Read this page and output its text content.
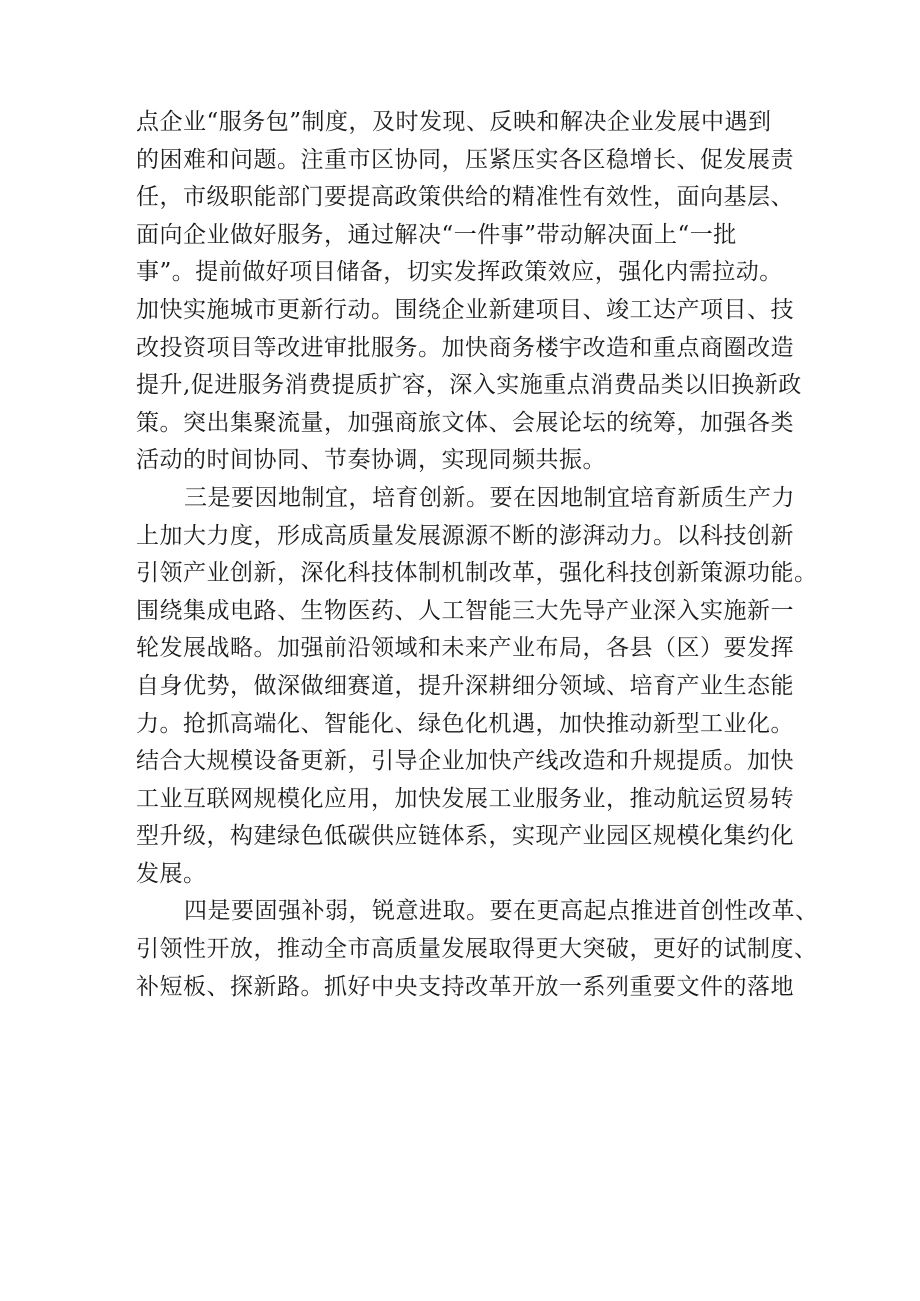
点企业“服务包”制度，及时发现、反映和解决企业发展中遇到
的困难和问题。注重市区协同，压紧压实各区稳增长、促发展责
任，市级职能部门要提高政策供给的精准性有效性，面向基层、
面向企业做好服务，通过解决“一件事”带动解决面上“一批
事”。提前做好项目储备，切实发挥政策效应，强化内需拉动。
加快实施城市更新行动。围绕企业新建项目、竣工达产项目、技
改投资项目等改进审批服务。加快商务楼宇改造和重点商圈改造
提升,促进服务消费提质扩容，深入实施重点消费品类以旧换新政
策。突出集聚流量，加强商旅文体、会展论坛的统筹，加强各类
活动的时间协同、节奏协调，实现同频共振。
三是要因地制宜，培育创新。要在因地制宜培育新质生产力
上加大力度，形成高质量发展源源不断的澎湃动力。以科技创新
引领产业创新，深化科技体制机制改革，强化科技创新策源功能。
围绕集成电路、生物医药、人工智能三大先导产业深入实施新一
轮发展战略。加强前沿领域和未来产业布局，各县（区）要发挥
自身优势，做深做细赛道，提升深耕细分领域、培育产业生态能
力。抢抓高端化、智能化、绿色化机遇，加快推动新型工业化。
结合大规模设备更新，引导企业加快产线改造和升规提质。加快
工业互联网规模化应用，加快发展工业服务业，推动航运贸易转
型升级，构建绿色低碳供应链体系，实现产业园区规模化集约化
发展。
四是要固强补弱，锐意进取。要在更高起点推进首创性改革、
引领性开放，推动全市高质量发展取得更大突破，更好的试制度、
补短板、探新路。抓好中央支持改革开放一系列重要文件的落地
